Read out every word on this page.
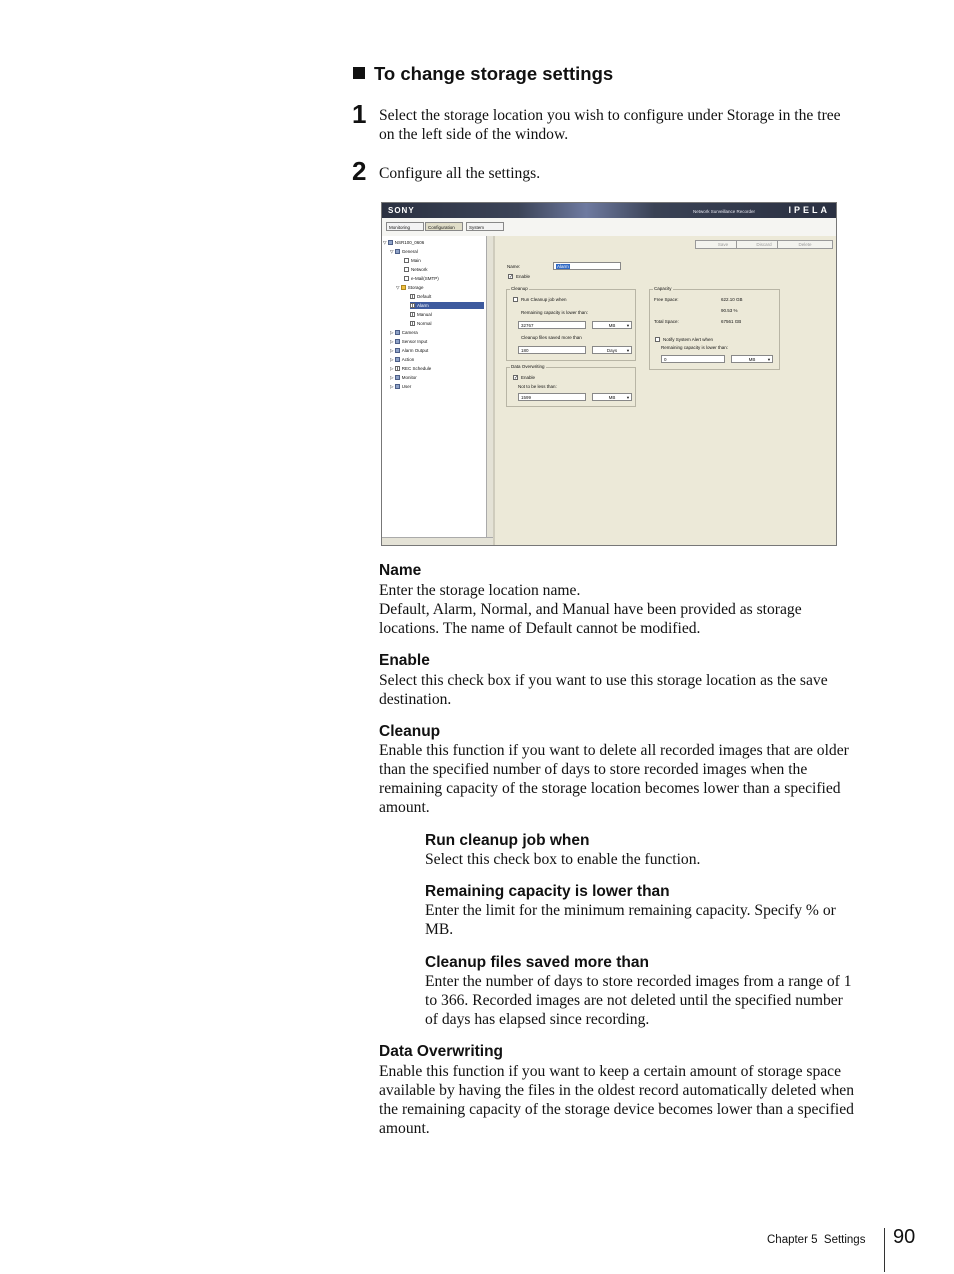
To change storage settings
1 Select the storage location you wish to configure under Storage in the tree
on the left side of the window.
2 Configure all the settings.
SONY	Network Surveillance Recorder	IPELA
Monitoring	Configuration	System
▽ NSR100_0606
▽ General
Main
Network
e-Mail(SMTP)
▽ Storage
Default
Alarm
Manual
Normal
▷ Camera
▷ Sensor Input
▷ Alarm Output
▷ Action
▷ REC Schedule
▷ Monitor
▷ User
Save	Discard	Delete
Name:	Alarm
✓ Enable
Cleanup
Run Cleanup job when
Remaining capacity is lower than:
32767	MB	▼
Cleanup files saved more than
180	Days ▼
Capacity
Free Space:	622.10 GB
90.53 %
Total Space:	67561 GB
Notify System Alert when
Remaining capacity is lower than:
0	MB	▼
Data Overwriting
✓ Enable
Not to be less than:
1599	MB	▼
Name
Enter the storage location name.
Default, Alarm, Normal, and Manual have been provided as storage
locations. The name of Default cannot be modified.
Enable
Select this check box if you want to use this storage location as the save
destination.
Cleanup
Enable this function if you want to delete all recorded images that are older
than the specified number of days to store recorded images when the
remaining capacity of the storage location becomes lower than a specified
amount.
Run cleanup job when
Select this check box to enable the function.
Remaining capacity is lower than
Enter the limit for the minimum remaining capacity. Specify % or
MB.
Cleanup files saved more than
Enter the number of days to store recorded images from a range of 1
to 366. Recorded images are not deleted until the specified number
of days has elapsed since recording.
Data Overwriting
Enable this function if you want to keep a certain amount of storage space
available by having the files in the oldest record automatically deleted when
the remaining capacity of the storage device becomes lower than a specified
amount.
Chapter 5  Settings 90
